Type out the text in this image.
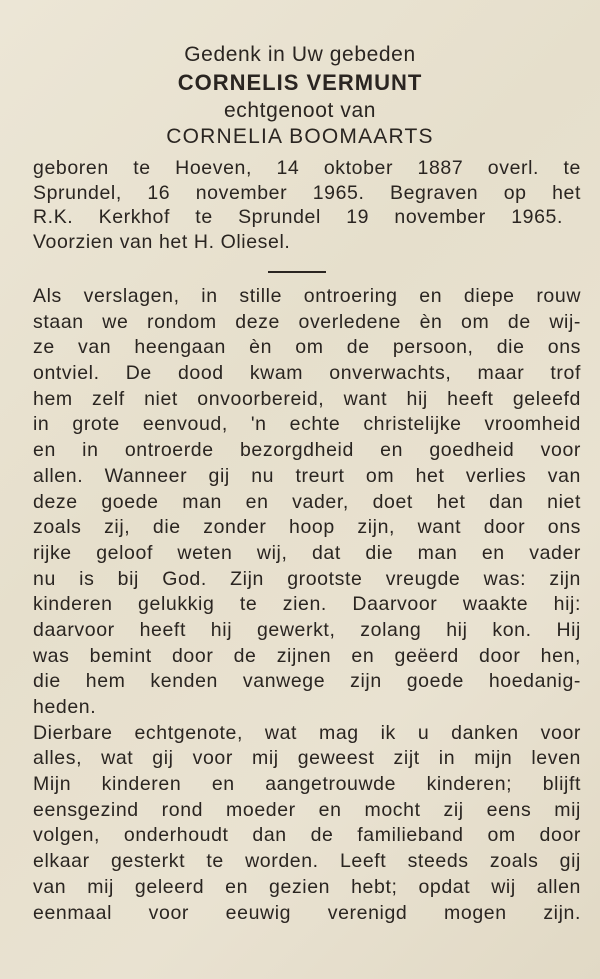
Gedenk in Uw gebeden
CORNELIS VERMUNT
echtgenoot van
CORNELIA BOOMAARTS
geboren te Hoeven, 14 oktober 1887 overl. te
Sprundel, 16 november 1965. Begraven op het
R.K. Kerkhof te Sprundel 19 november 1965.
Voorzien van het H. Oliesel.
Als verslagen, in stille ontroering en diepe rouw
staan we rondom deze overledene èn om de wij-
ze van heengaan èn om de persoon, die ons
ontviel. De dood kwam onverwachts, maar trof
hem zelf niet onvoorbereid, want hij heeft geleefd
in grote eenvoud, 'n echte christelijke vroomheid
en in ontroerde bezorgdheid en goedheid voor
allen. Wanneer gij nu treurt om het verlies van
deze goede man en vader, doet het dan niet
zoals zij, die zonder hoop zijn, want door ons
rijke geloof weten wij, dat die man en vader
nu is bij God. Zijn grootste vreugde was: zijn
kinderen gelukkig te zien. Daarvoor waakte hij:
daarvoor heeft hij gewerkt, zolang hij kon. Hij
was bemint door de zijnen en geëerd door hen,
die hem kenden vanwege zijn goede hoedanig-
heden.
Dierbare echtgenote, wat mag ik u danken voor
alles, wat gij voor mij geweest zijt in mijn leven
Mijn kinderen en aangetrouwde kinderen; blijft
eensgezind rond moeder en mocht zij eens mij
volgen, onderhoudt dan de familieband om door
elkaar gesterkt te worden. Leeft steeds zoals gij
van mij geleerd en gezien hebt; opdat wij allen
eenmaal voor eeuwig verenigd mogen zijn.
